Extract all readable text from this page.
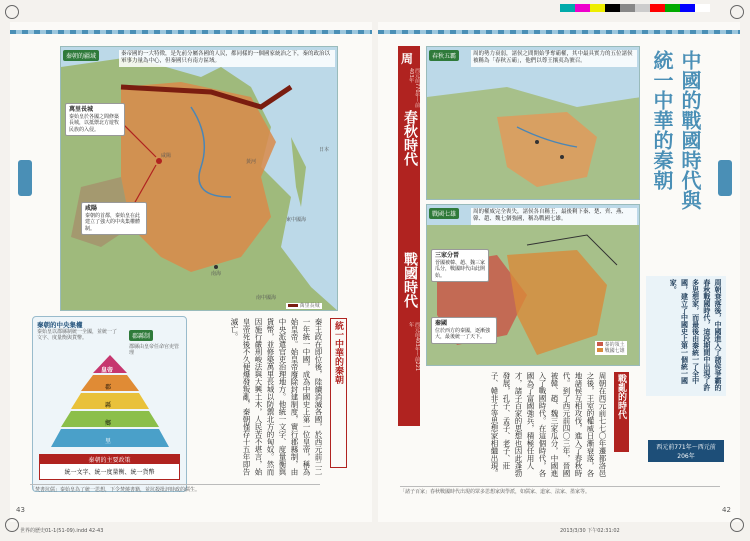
秦朝的疆域	秦帝國的一大特徵，是先前分屬各國的人民，都同樣的一個國家統治之下，秦的政治以軍事力量為中心，但秦國只有南方區域。
萬里長城
秦始皇於各國之間修築長城，以抵禦北方遊牧民族的入侵。
咸陽
秦朝的首都，秦始皇在此建立了強大的中央集權體制。
咸陽
黃河
南海
東中國海
日本
南中國海
萬里長城
秦朝的中央集權
秦始皇以郡縣制統一全國，並統一了文字、度量衡與貨幣。	郡縣制
郡縣由皇帝任命官吏管理
皇帝
郡
縣
鄉
里
秦朝的主要政策
統一文字、統一度量衡、統一貨幣
統一中華的秦朝
秦王政在即位後，陸續消滅各國，於西元前二二一年統一中國，成為中國史上第一位皇帝，稱為始皇帝。始皇帝廢除封建制度，實行郡縣制，由中央派遣官吏治理地方。他統一文字、度量衡與貨幣，並修築萬里長城以防禦北方的匈奴。然而因施行嚴刑峻法與大興土木，人民苦不堪言，始皇帝死後不久便爆發叛亂，秦朝僅存十五年即告滅亡。
「焚書坑儒」秦始皇為了統一思想，下令焚燒書籍，並坑殺批評時政的儒生。
周
春秋時代
戰國時代
西元前770年～前403年
西元前403年～前221年
春秋五霸	周的勢力衰弱，諸侯之間開始爭奪霸權，其中最具實力的五位諸侯被稱為「春秋五霸」，他們以尊王攘夷為號召。
戰國七雄	周的權威完全喪失，諸侯各自稱王，最後剩下秦、楚、齊、燕、韓、趙、魏七個強國，稱為戰國七雄。
三家分晉
晉國被韓、趙、魏三家瓜分，戰國時代由此開始。
秦國
位於西方的秦國，逐漸強大，最後統一了天下。
秦的領土
戰國七雄
中國的戰國時代與
統一中華的秦朝
周朝衰落後，中國進入了諸侯爭霸的春秋戰國時代，這段期間中出現了許多思想家，而最後由秦統一了全中國，建立了中國史上第一個統一國家。
西元前771年～西元前206年
戰亂的時代
周朝在西元前七七〇年遷都洛邑之後，王室的權威日漸衰落，各地諸侯互相攻伐，進入了春秋時代。到了西元前四〇三年，晉國被韓、趙、魏三家瓜分，中國進入了戰國時代。在這個時代，各國為了富國強兵，積極任用人才，諸子百家的思想也因此蓬勃發展，孔子、孟子、老子、莊子、韓非子等思想家相繼出現。
「諸子百家」春秋戰國時代出現的眾多思想家與學派，如儒家、道家、法家、墨家等。
43	42
世界的歷史01-1(51-09).indd 42-43	2013/3/30 下午02:31:02
